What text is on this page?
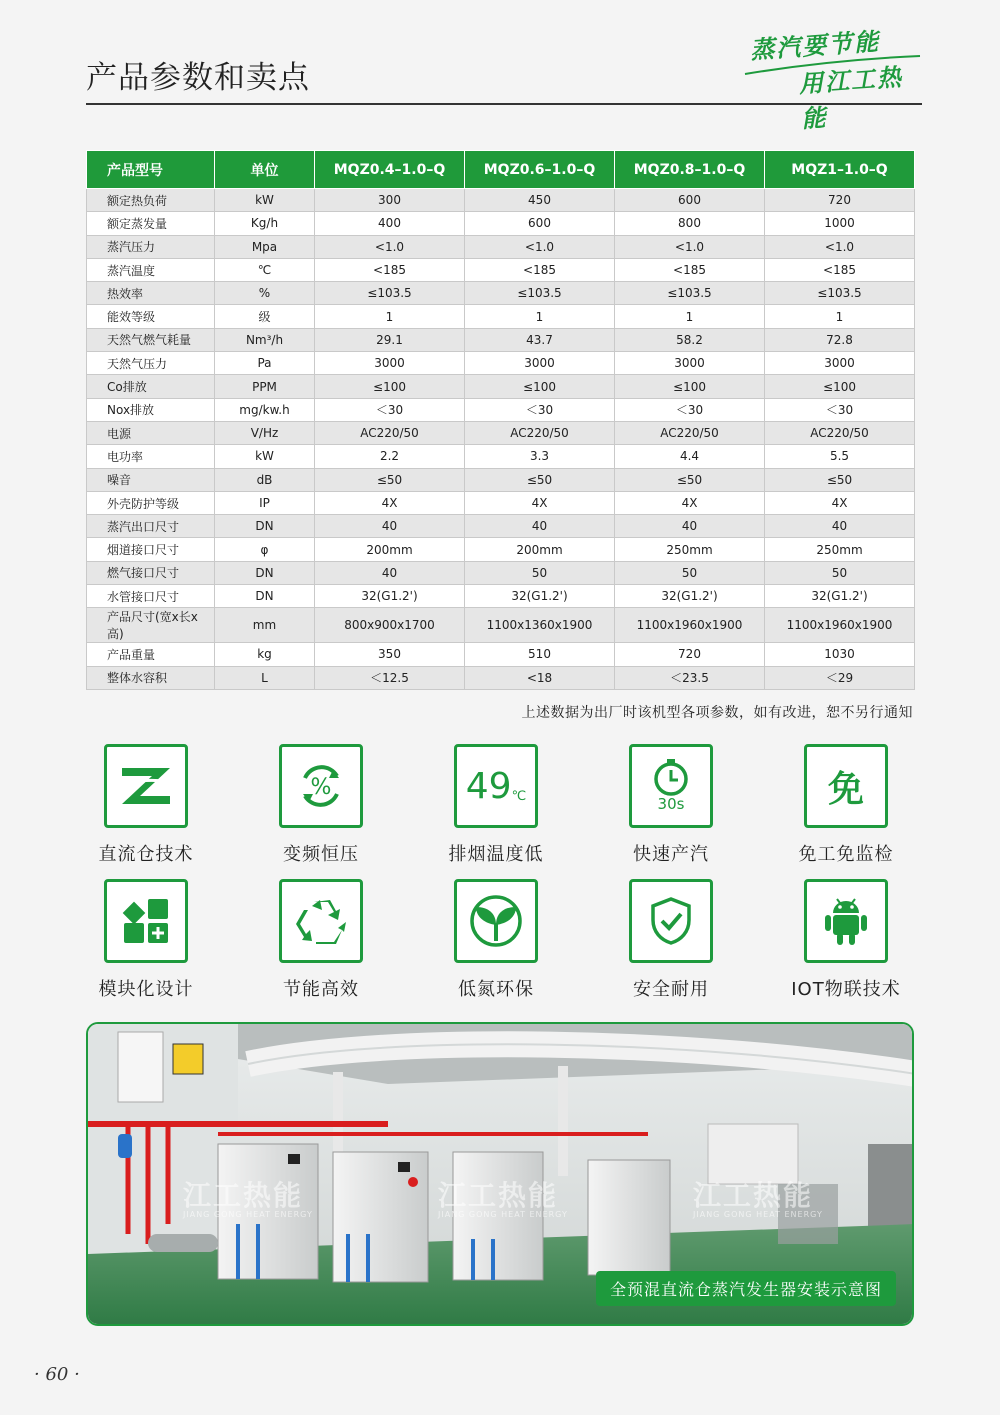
产品参数和卖点
蒸汽要节能
用江工热能
产品型号	单位	MQZ0.4–1.0–Q	MQZ0.6–1.0–Q	MQZ0.8–1.0–Q	MQZ1–1.0–Q
额定热负荷	kW	300	450	600	720
额定蒸发量	Kg/h	400	600	800	1000
蒸汽压力	Mpa	<1.0	<1.0	<1.0	<1.0
蒸汽温度	℃	<185	<185	<185	<185
热效率	%	≤103.5	≤103.5	≤103.5	≤103.5
能效等级	级	1	1	1	1
天然气燃气耗量	Nm³/h	29.1	43.7	58.2	72.8
天然气压力	Pa	3000	3000	3000	3000
Co排放	PPM	≤100	≤100	≤100	≤100
Nox排放	mg/kw.h	＜30	＜30	＜30	＜30
电源	V/Hz	AC220/50	AC220/50	AC220/50	AC220/50
电功率	kW	2.2	3.3	4.4	5.5
噪音	dB	≤50	≤50	≤50	≤50
外壳防护等级	IP	4X	4X	4X	4X
蒸汽出口尺寸	DN	40	40	40	40
烟道接口尺寸	φ	200mm	200mm	250mm	250mm
燃气接口尺寸	DN	40	50	50	50
水管接口尺寸	DN	32(G1.2')	32(G1.2')	32(G1.2')	32(G1.2')
产品尺寸(宽x长x高)	mm	800x900x1700	1100x1360x1900	1100x1960x1900	1100x1960x1900
产品重量	kg	350	510	720	1030
整体水容积	L	＜12.5	<18	＜23.5	＜29
上述数据为出厂时该机型各项参数，如有改进，恕不另行通知
直流仓技术
%
变频恒压
49 ℃
排烟温度低
30s
快速产汽
免
免工免监检
模块化设计	节能高效	低氮环保	安全耐用	IOT物联技术
江工热能
JIANG GONG HEAT ENERGY
江工热能
JIANG GONG HEAT ENERGY
江工热能
JIANG GONG HEAT ENERGY
全预混直流仓蒸汽发生器安装示意图
· 60 ·
